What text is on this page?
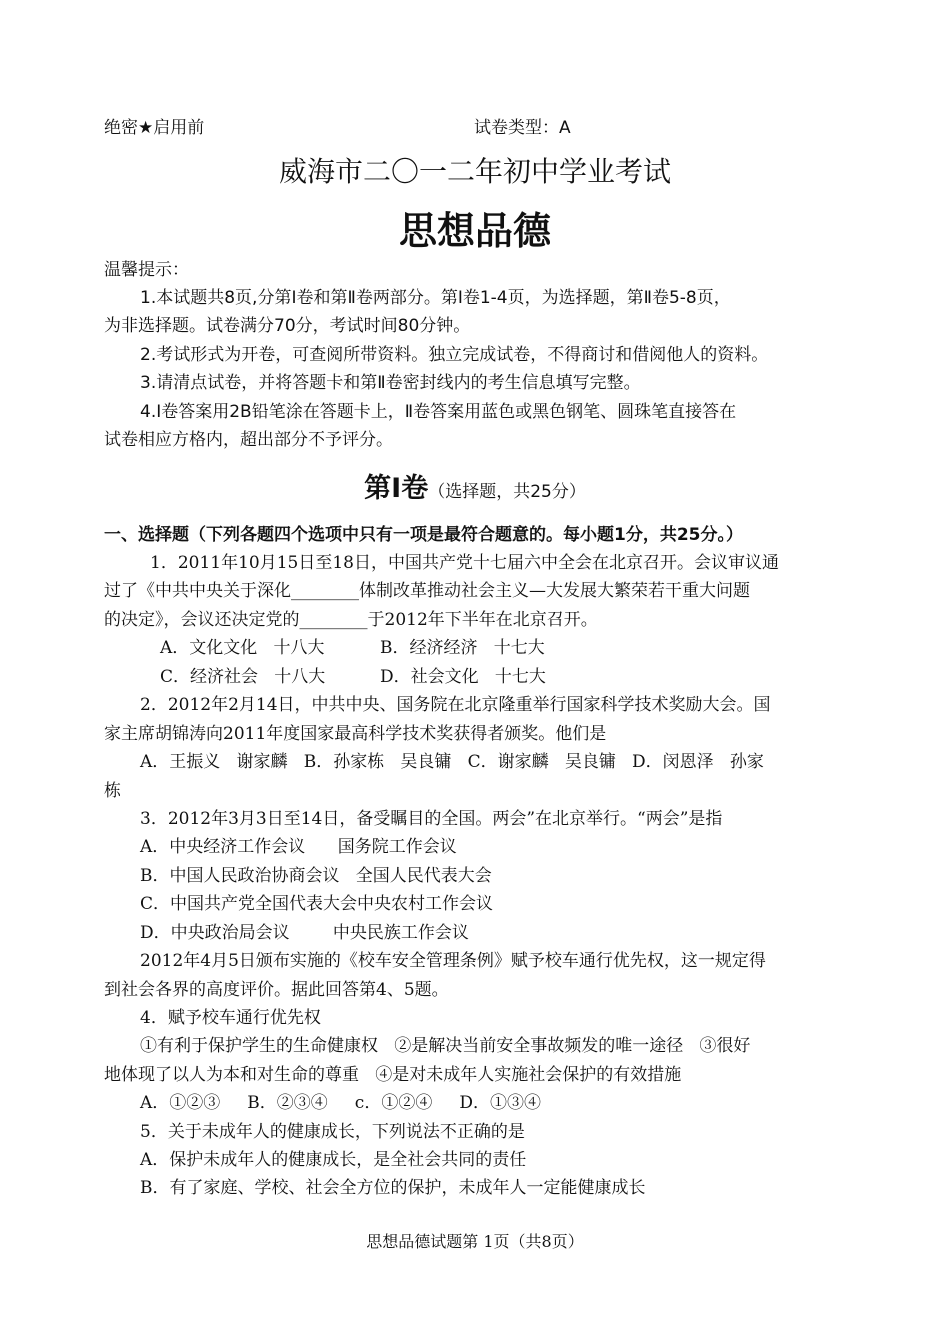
绝密★启用前	试卷类型：A
威海市二〇一二年初中学业考试
思想品德
温馨提示：
1.本试题共8页,分第Ⅰ卷和第Ⅱ卷两部分。第Ⅰ卷1-4页，为选择题，第Ⅱ卷5-8页，
为非选择题。试卷满分70分，考试时间80分钟。
2.考试形式为开卷，可查阅所带资料。独立完成试卷，不得商讨和借阅他人的资料。
3.请清点试卷，并将答题卡和第Ⅱ卷密封线内的考生信息填写完整。
4.Ⅰ卷答案用2B铅笔涂在答题卡上，Ⅱ卷答案用蓝色或黑色钢笔、圆珠笔直接答在
试卷相应方格内，超出部分不予评分。
第Ⅰ卷（选择题，共25分）
一、选择题（下列各题四个选项中只有一项是最符合题意的。每小题1分，共25分。）
1．2011年10月15日至18日，中国共产党十七届六中全会在北京召开。会议审议通
过了《中共中央关于深化________体制改革推动社会主义—大发展大繁荣若干重大问题
的决定》，会议还决定党的________于2012年下半年在北京召开。
A．文化文化   十八大	B．经济经济   十七大
C．经济社会   十八大	D．社会文化   十七大
2．2012年2月14日，中共中央、国务院在北京隆重举行国家科学技术奖励大会。国
家主席胡锦涛向2011年度国家最高科学技术奖获得者颁奖。他们是
A．王振义   谢家麟   B．孙家栋   吴良镛   C．谢家麟   吴良镛   D．闵恩泽   孙家
栋
3．2012年3月3日至14日，备受瞩目的全国。两会”在北京举行。“两会”是指
A．中央经济工作会议      国务院工作会议
B．中国人民政治协商会议   全国人民代表大会
C．中国共产党全国代表大会中央农村工作会议
D．中央政治局会议        中央民族工作会议
2012年4月5日颁布实施的《校车安全管理条例》赋予校车通行优先权，这一规定得
到社会各界的高度评价。据此回答第4、5题。
4．赋予校车通行优先权
①有利于保护学生的生命健康权   ②是解决当前安全事故频发的唯一途径   ③很好
地体现了以人为本和对生命的尊重   ④是对未成年人实施社会保护的有效措施
A．①②③     B．②③④     c．①②④     D．①③④
5．关于未成年人的健康成长，下列说法不正确的是
A．保护未成年人的健康成长，是全社会共同的责任
B．有了家庭、学校、社会全方位的保护，未成年人一定能健康成长
思想品德试题第 1页（共8页）
